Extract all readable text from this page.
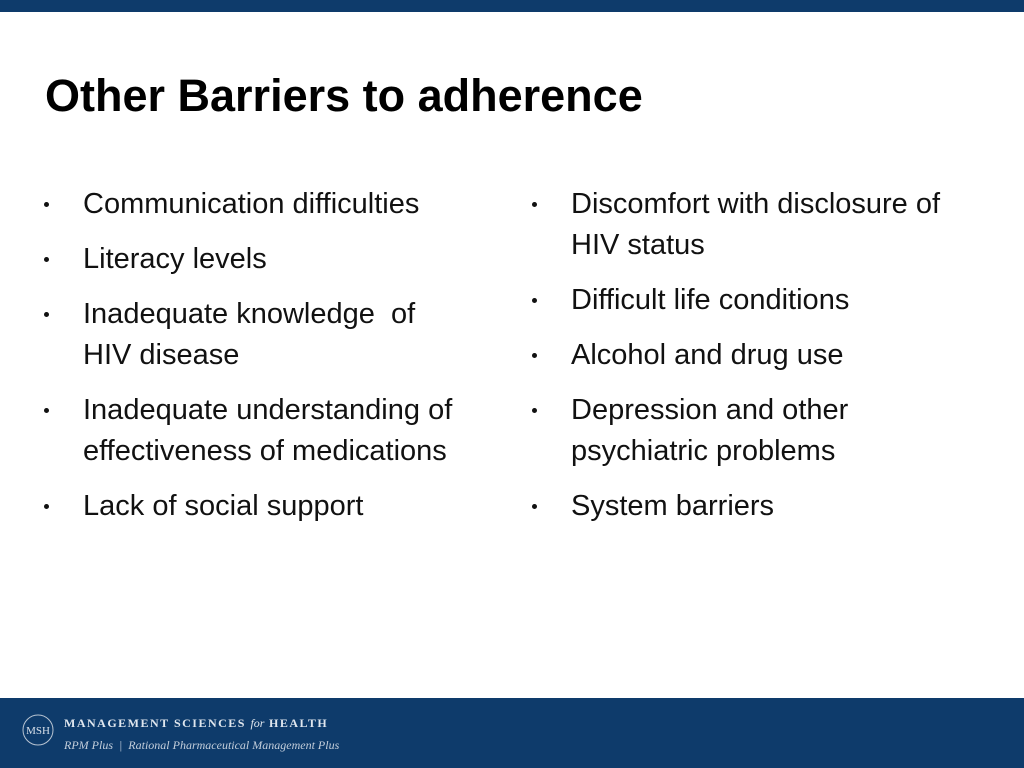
Other Barriers to adherence
Communication difficulties
Literacy levels
Inadequate knowledge  of HIV disease
Inadequate understanding of effectiveness of medications
Lack of social support
Discomfort with disclosure of HIV status
Difficult life conditions
Alcohol and drug use
Depression and other psychiatric problems
System barriers
MSH
MANAGEMENT SCIENCES for HEALTH
RPM Plus  |  Rational Pharmaceutical Management Plus
